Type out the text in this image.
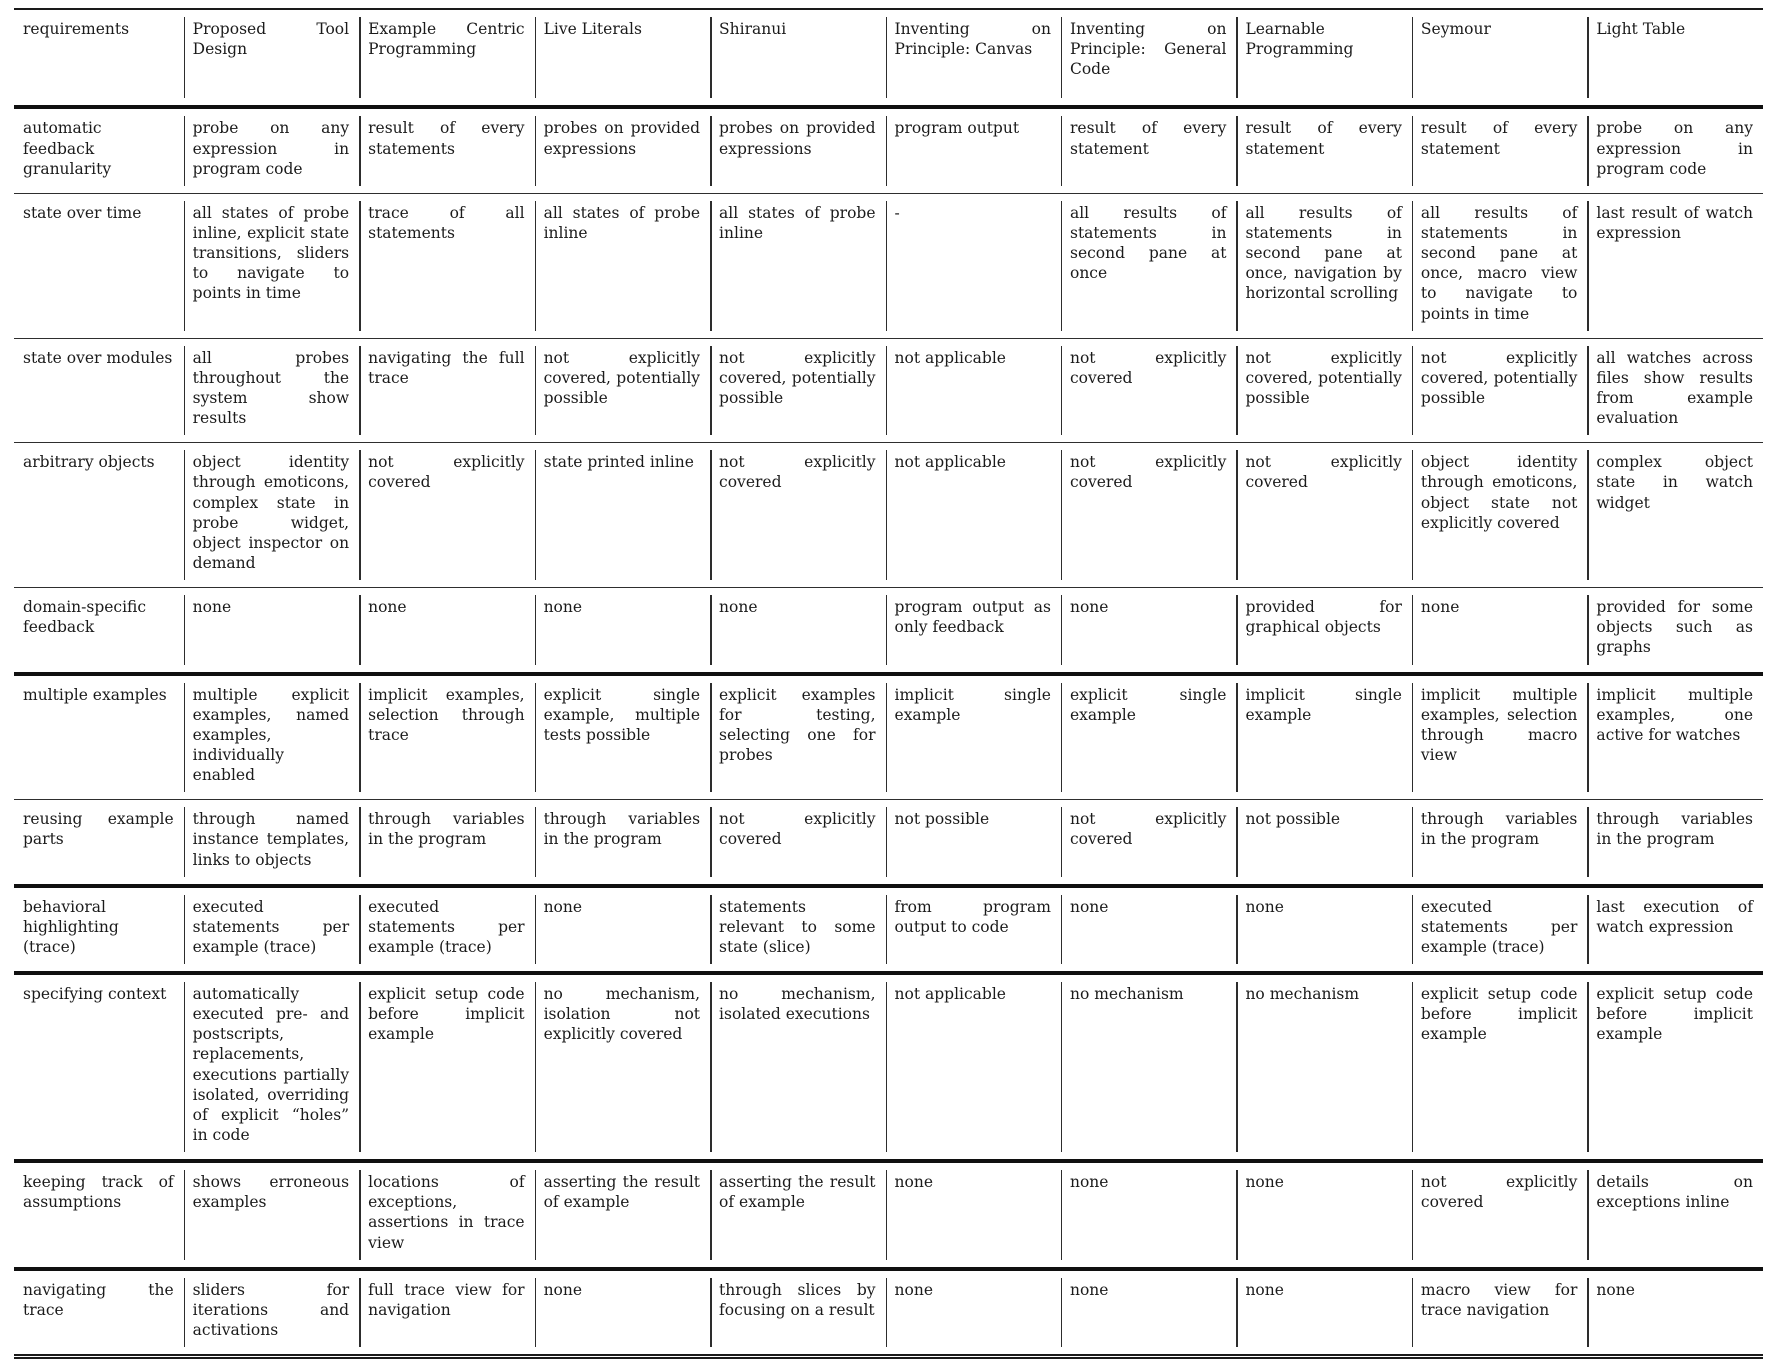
requirements	Proposed Tool Design	Example Centric Programming	Live Literals	Shiranui	Inventing on Principle: Canvas	Inventing on Principle: General Code	Learnable Programming	Seymour	Light Table
automatic feedback granularity	probe on any expression in program code	result of every statements	probes on provided expressions	probes on provided expressions	program output	result of every statement	result of every statement	result of every statement	probe on any expression in program code
state over time	all states of probe inline, explicit state transitions, sliders to navigate to points in time	trace of all statements	all states of probe inline	all states of probe inline	-	all results of statements in second pane at once	all results of statements in second pane at once, navigation by horizontal scrolling	all results of statements in second pane at once, macro view to navigate to points in time	last result of watch expression
state over modules	all probes throughout the system show results	navigating the full trace	not explicitly covered, potentially possible	not explicitly covered, potentially possible	not applicable	not explicitly covered	not explicitly covered, potentially possible	not explicitly covered, potentially possible	all watches across files show results from example evaluation
arbitrary objects	object identity through emoticons, complex state in probe widget, object inspector on demand	not explicitly covered	state printed inline	not explicitly covered	not applicable	not explicitly covered	not explicitly covered	object identity through emoticons, object state not explicitly covered	complex object state in watch widget
domain-specific feedback	none	none	none	none	program output as only feedback	none	provided for graphical objects	none	provided for some objects such as graphs
multiple examples	multiple explicit examples, named examples, individually enabled	implicit examples, selection through trace	explicit single example, multiple tests possible	explicit examples for testing, selecting one for probes	implicit single example	explicit single example	implicit single example	implicit multiple examples, selection through macro view	implicit multiple examples, one active for watches
reusing example parts	through named instance templates, links to objects	through variables in the program	through variables in the program	not explicitly covered	not possible	not explicitly covered	not possible	through variables in the program	through variables in the program
behavioral highlighting (trace)	executed statements per example (trace)	executed statements per example (trace)	none	statements relevant to some state (slice)	from program output to code	none	none	executed statements per example (trace)	last execution of watch expression
specifying context	automatically executed pre- and postscripts, replacements, executions partially isolated, overriding of explicit “holes” in code	explicit setup code before implicit example	no mechanism, isolation not explicitly covered	no mechanism, isolated executions	not applicable	no mechanism	no mechanism	explicit setup code before implicit example	explicit setup code before implicit example
keeping track of assumptions	shows erroneous examples	locations of exceptions, assertions in trace view	asserting the result of example	asserting the result of example	none	none	none	not explicitly covered	details on exceptions inline
navigating the trace	sliders for iterations and activations	full trace view for navigation	none	through slices by focusing on a result	none	none	none	macro view for trace navigation	none
